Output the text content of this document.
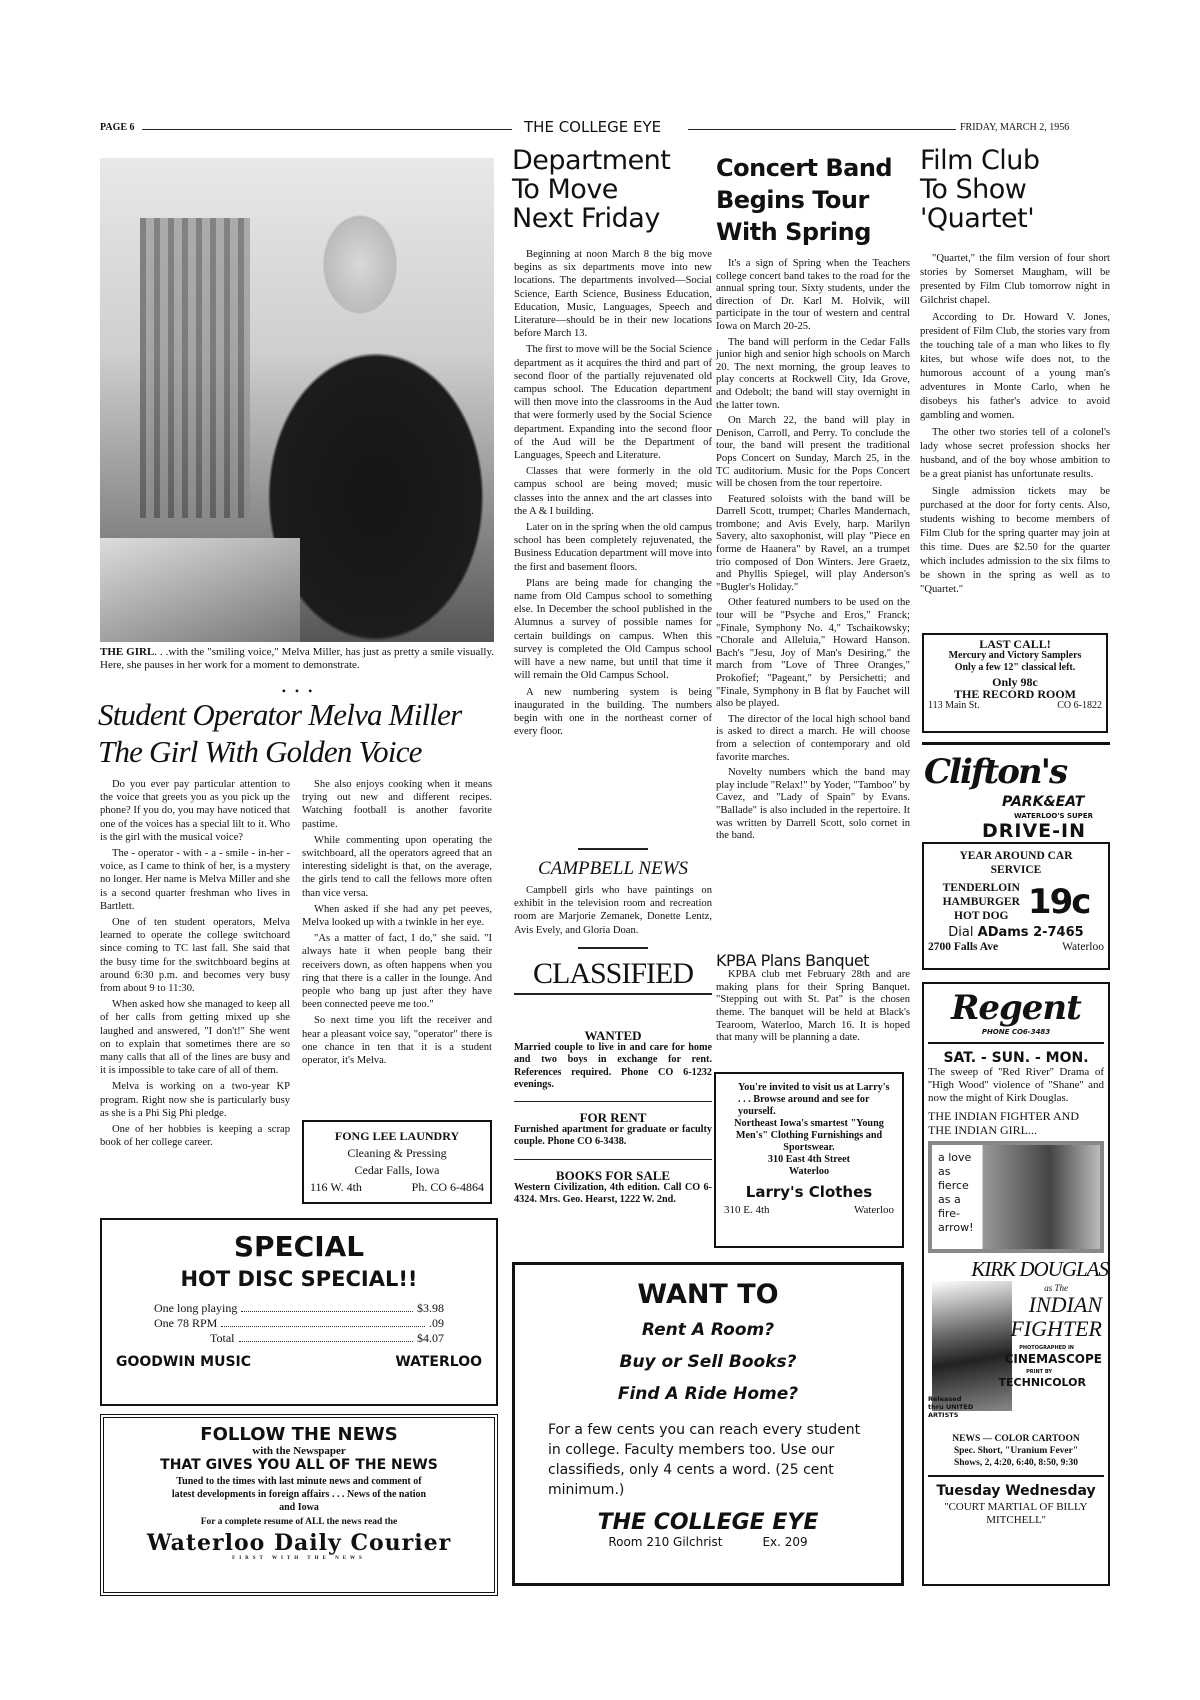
PAGE 6	THE COLLEGE EYE	FRIDAY, MARCH 2, 1956
THE GIRL. . .with the "smiling voice," Melva Miller, has just as pretty a smile visually. Here, she pauses in her work for a moment to demonstrate.
•   •   •
Student Operator Melva Miller
The Girl With Golden Voice

Do you ever pay particular attention to the voice that greets you as you pick up the phone? If you do, you may have noticed that one of the voices has a special lilt to it. Who is the girl with the musical voice?

The - operator - with - a - smile - in-her - voice, as I came to think of her, is a mystery no longer. Her name is Melva Miller and she is a second quarter freshman who lives in Bartlett.

One of ten student operators, Melva learned to operate the college switchoard since coming to TC last fall. She said that the busy time for the switchboard begins at around 6:30 p.m. and becomes very busy from about 9 to 11:30.

When asked how she managed to keep all of her calls from getting mixed up she laughed and answered, "I don't!" She went on to explain that sometimes there are so many calls that all of the lines are busy and it is impossible to take care of all of them.

Melva is working on a two-year KP program. Right now she is particularly busy as she is a Phi Sig Phi pledge.

One of her hobbies is keeping a scrap book of her college career.

She also enjoys cooking when it means trying out new and different recipes. Watching football is another favorite pastime.

While commenting upon operating the switchboard, all the operators agreed that an interesting sidelight is that, on the average, the girls tend to call the fellows more often than vice versa.

When asked if she had any pet peeves, Melva looked up with a twinkle in her eye.

"As a matter of fact, I do," she said. "I always hate it when people bang their receivers down, as often happens when you ring that there is a caller in the lounge. And people who bang up just after they have been connected peeve me too."

So next time you lift the receiver and hear a pleasant voice say, "operator" there is one chance in ten that it is a student operator, it's Melva.

FONG LEE LAUNDRY
Cleaning & Pressing
Cedar Falls, Iowa
116 W. 4th	Ph. CO 6-4864
SPECIAL
HOT DISC SPECIAL!!
One long playing	$3.98
One 78 RPM	.09
Total	$4.07
GOODWIN MUSIC	WATERLOO
FOLLOW THE NEWS
with the Newspaper
THAT GIVES YOU ALL OF THE NEWS
Tuned to the times with last minute news and comment of latest developments in foreign affairs . . . News of the nation and Iowa
For a complete resume of ALL the news read the
Waterloo Daily Courier
FIRST WITH THE NEWS
Department
To Move
Next Friday

Beginning at noon March 8 the big move begins as six departments move into new locations. The departments involved—Social Science, Earth Science, Business Education, Education, Music, Languages, Speech and Literature—should be in their new locations before March 13.

The first to move will be the Social Science department as it acquires the third and part of second floor of the partially rejuvenated old campus school. The Education department will then move into the classrooms in the Aud that were formerly used by the Social Science department. Expanding into the second floor of the Aud will be the Department of Languages, Speech and Literature.

Classes that were formerly in the old campus school are being moved; music classes into the annex and the art classes into the A & I building.

Later on in the spring when the old campus school has been completely rejuvenated, the Business Education department will move into the first and basement floors.

Plans are being made for changing the name from Old Campus school to something else. In December the school published in the Alumnus a survey of possible names for certain buildings on campus. When this survey is completed the Old Campus school will have a new name, but until that time it will remain the Old Campus School.

A new numbering system is being inaugurated in the building. The numbers begin with one in the northeast corner of every floor.

CAMPBELL NEWS

Campbell girls who have paintings on exhibit in the television room and recreation room are Marjorie Zemanek, Donette Lentz, Avis Evely, and Gloria Doan.

CLASSIFIED
WANTED
Married couple to live in and care for home and two boys in exchange for rent. References required. Phone CO 6-1232 evenings.
FOR RENT
Furnished apartment for graduate or faculty couple. Phone CO 6-3438.
BOOKS FOR SALE
Western Civilization, 4th edition. Call CO 6-4324. Mrs. Geo. Hearst, 1222 W. 2nd.
Concert Band
Begins Tour
With Spring

It's a sign of Spring when the Teachers college concert band takes to the road for the annual spring tour. Sixty students, under the direction of Dr. Karl M. Holvik, will participate in the tour of western and central Iowa on March 20-25.

The band will perform in the Cedar Falls junior high and senior high schools on March 20. The next morning, the group leaves to play concerts at Rockwell City, Ida Grove, and Odebolt; the band will stay overnight in the latter town.

On March 22, the band will play in Denison, Carroll, and Perry. To conclude the tour, the band will present the traditional Pops Concert on Sunday, March 25, in the TC auditorium. Music for the Pops Concert will be chosen from the tour repertoire.

Featured soloists with the band will be Darrell Scott, trumpet; Charles Mandernach, trombone; and Avis Evely, harp. Marilyn Savery, alto saxophonist, will play "Piece en forme de Haanera" by Ravel, an a trumpet trio composed of Don Winters. Jere Graetz, and Phyllis Spiegel, will play Anderson's "Bugler's Holiday."

Other featured numbers to be used on the tour will be "Psyche and Eros," Franck; "Finale, Symphony No. 4," Tschaikowsky; "Chorale and Alleluia," Howard Hanson. Bach's "Jesu, Joy of Man's Desiring," the march from "Love of Three Oranges," Prokofief; "Pageant," by Persichetti; and "Finale, Symphony in B flat by Fauchet will also be played.

The director of the local high school band is asked to direct a march. He will choose from a selection of contemporary and old favorite marches.

Novelty numbers which the band may play include "Relax!" by Yoder, "Tamboo" by Cavez, and "Lady of Spain" by Evans. "Ballade" is also included in the repertoire. It was written by Darrell Scott, solo cornet in the band.

KPBA Plans Banquet

KPBA club met February 28th and are making plans for their Spring Banquet. "Stepping out with St. Pat" is the chosen theme. The banquet will be held at Black's Tearoom, Waterloo, March 16. It is hoped that many will be planning a date.

You're invited to visit us at Larry's . . . Browse around and see for yourself.
Northeast Iowa's smartest "Young Men's" Clothing Furnishings and Sportswear.
310 East 4th Street
Waterloo
Larry's Clothes
310 E. 4th	Waterloo
WANT TO
Rent A Room?
Buy or Sell Books?
Find A Ride Home?
For a few cents you can reach every student in college. Faculty members too. Use our classifieds, only 4 cents a word. (25 cent minimum.)
THE COLLEGE EYE
Room 210 Gilchrist	Ex. 209
Film Club
To Show
'Quartet'

"Quartet," the film version of four short stories by Somerset Maugham, will be presented by Film Club tomorrow night in Gilchrist chapel.

According to Dr. Howard V. Jones, president of Film Club, the stories vary from the touching tale of a man who likes to fly kites, but whose wife does not, to the humorous account of a young man's adventures in Monte Carlo, when he disobeys his father's advice to avoid gambling and women.

The other two stories tell of a colonel's lady whose secret profession shocks her husband, and of the boy whose ambition to be a great pianist has unfortunate results.

Single admission tickets may be purchased at the door for forty cents. Also, students wishing to become members of Film Club for the spring quarter may join at this time. Dues are $2.50 for the quarter which includes admission to the six films to be shown in the spring as well as to "Quartet."

LAST CALL!
Mercury and Victory Samplers
Only a few 12" classical left.
Only 98c
THE RECORD ROOM
113 Main St.	CO 6-1822
Clifton's
PARK&EAT
WATERLOO'S SUPER
DRIVE-IN
YEAR AROUND CAR SERVICE
TENDERLOIN
HAMBURGER
HOT DOG 19c
Dial ADams 2-7465
2700 Falls Ave	Waterloo
Regent
PHONE CO6-3483
SAT. - SUN. - MON.
The sweep of ''Red River'' Drama of ''High Wood'' violence of ''Shane'' and now the might of Kirk Douglas.
THE INDIAN FIGHTER AND THE INDIAN GIRL...
a love as fierce as a fire-arrow!
KIRK DOUGLAS
as The
INDIAN FIGHTER
PHOTOGRAPHED IN
CINEMASCOPE
PRINT BY
TECHNICOLOR
Released thru UNITED ARTISTS
NEWS — COLOR CARTOON
Spec. Short, "Uranium Fever"
Shows, 2, 4:20, 6:40, 8:50, 9:30
Tuesday Wednesday
''COURT MARTIAL OF BILLY MITCHELL''
